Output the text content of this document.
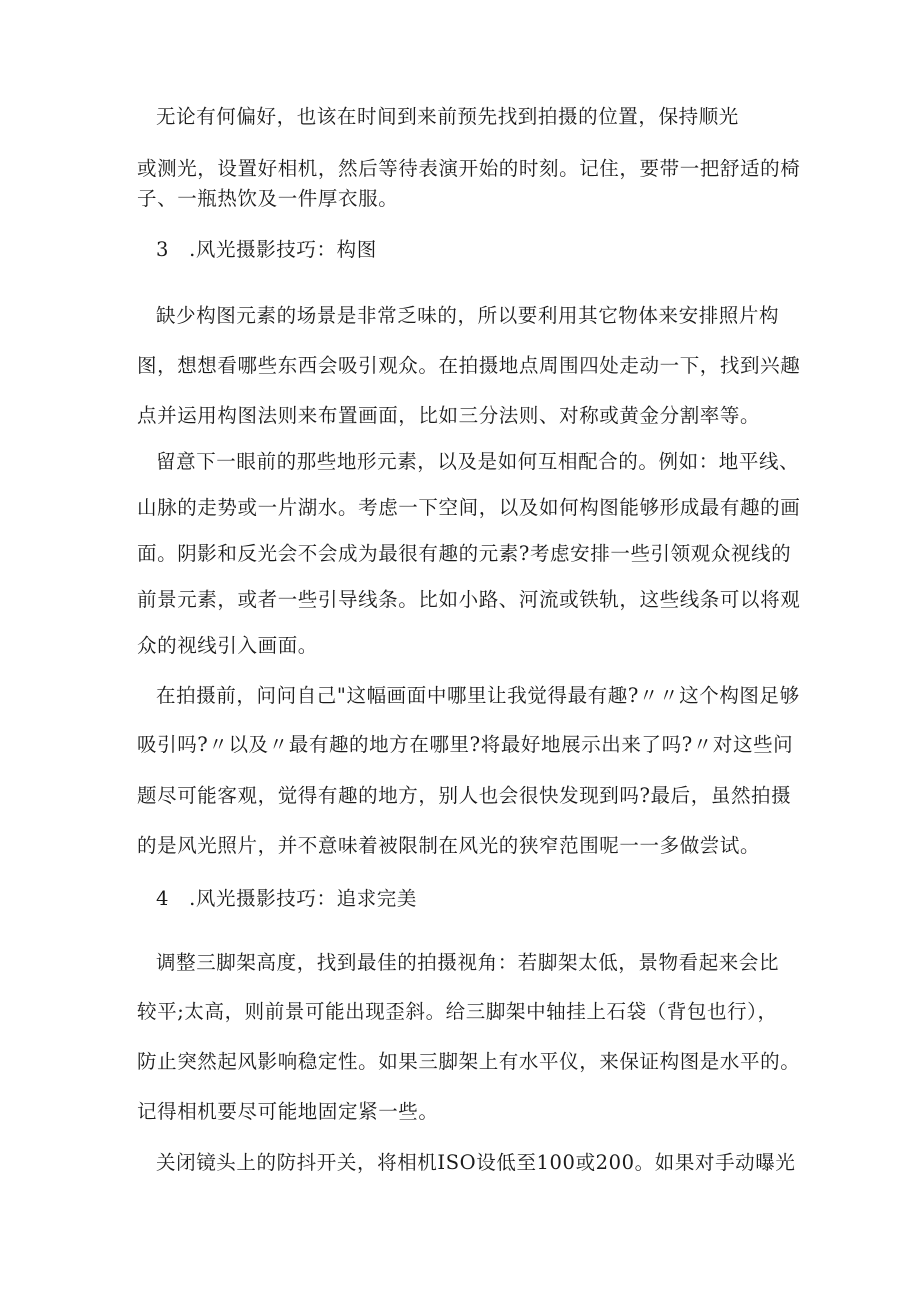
无论有何偏好，也该在时间到来前预先找到拍摄的位置，保持顺光
或测光，设置好相机，然后等待表演开始的时刻。记住，要带一把舒适的椅
子、一瓶热饮及一件厚衣服。
3　.风光摄影技巧：构图
缺少构图元素的场景是非常乏味的，所以要利用其它物体来安排照片构
图，想想看哪些东西会吸引观众。在拍摄地点周围四处走动一下，找到兴趣
点并运用构图法则来布置画面，比如三分法则、对称或黄金分割率等。
留意下一眼前的那些地形元素，以及是如何互相配合的。例如：地平线、
山脉的走势或一片湖水。考虑一下空间，以及如何构图能够形成最有趣的画
面。阴影和反光会不会成为最很有趣的元素?考虑安排一些引领观众视线的
前景元素，或者一些引导线条。比如小路、河流或铁轨，这些线条可以将观
众的视线引入画面。
在拍摄前，问问自己"这幅画面中哪里让我觉得最有趣?〃〃这个构图足够
吸引吗?〃以及〃最有趣的地方在哪里?将最好地展示出来了吗?〃对这些问
题尽可能客观，觉得有趣的地方，别人也会很快发现到吗?最后，虽然拍摄
的是风光照片，并不意味着被限制在风光的狭窄范围呢一一多做尝试。
4　.风光摄影技巧：追求完美
调整三脚架高度，找到最佳的拍摄视角：若脚架太低，景物看起来会比
较平;太高，则前景可能出现歪斜。给三脚架中轴挂上石袋（背包也行），
防止突然起风影响稳定性。如果三脚架上有水平仪，来保证构图是水平的。
记得相机要尽可能地固定紧一些。
关闭镜头上的防抖开关，将相机ISO设低至100或200。如果对手动曝光
